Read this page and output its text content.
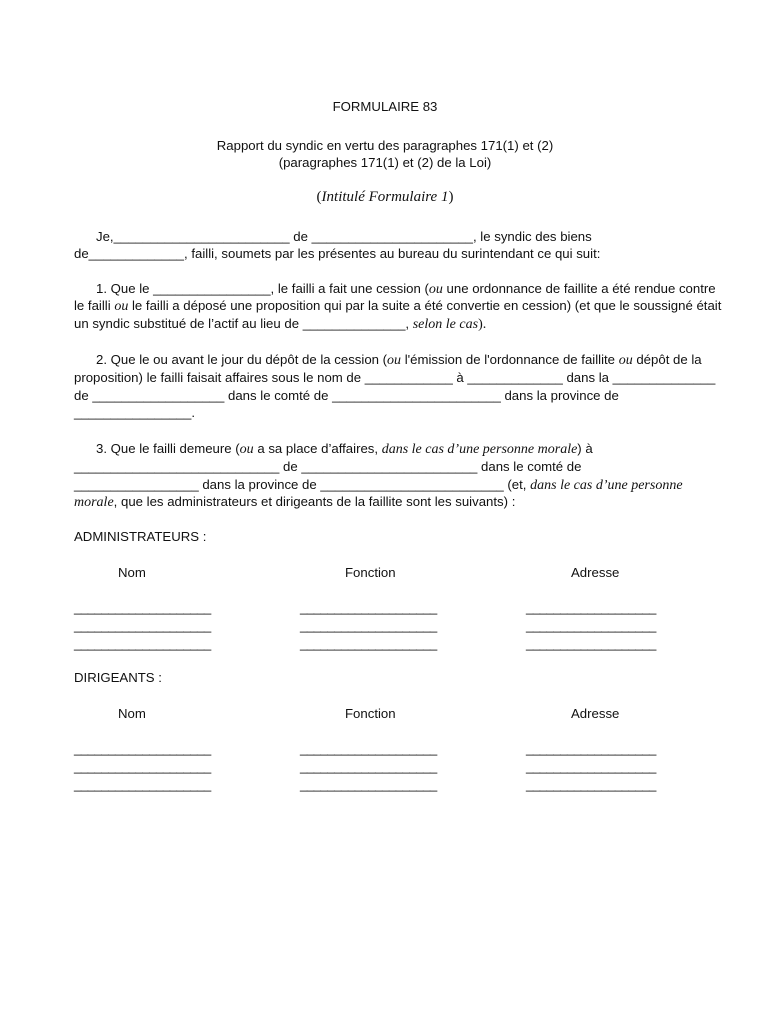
FORMULAIRE 83
Rapport du syndic en vertu des paragraphes 171(1) et (2)
(paragraphes 171(1) et (2) de la Loi)
(Intitulé Formulaire 1)
Je,________________________ de ______________________, le syndic des biens
de_____________, failli, soumets par les présentes au bureau du surintendant ce qui suit:
1. Que le ________________, le failli a fait une cession (ou une ordonnance de faillite a été rendue contre
le failli ou le failli a déposé une proposition qui par la suite a été convertie en cession) (et que le soussigné était
un syndic substitué de l’actif au lieu de ______________, selon le cas).
2. Que le ou avant le jour du dépôt de la cession (ou l'émission de l'ordonnance de faillite ou dépôt de la
proposition) le failli faisait affaires sous le nom de ____________ à _____________ dans la ______________
de __________________ dans le comté de _______________________ dans la province de
________________.
3. Que le failli demeure (ou a sa place d’affaires, dans le cas d’une personne morale) à
____________________________ de ________________________ dans le comté de
_________________ dans la province de _________________________ (et, dans le cas d’une personne
morale, que les administrateurs et dirigeants de la faillite sont les suivants) :
ADMINISTRATEURS :
Nom	Fonction	Adresse
____________________	____________________	___________________
____________________	____________________	___________________
____________________	____________________	___________________
DIRIGEANTS :
Nom	Fonction	Adresse
____________________	____________________	___________________
____________________	____________________	___________________
____________________	____________________	___________________
